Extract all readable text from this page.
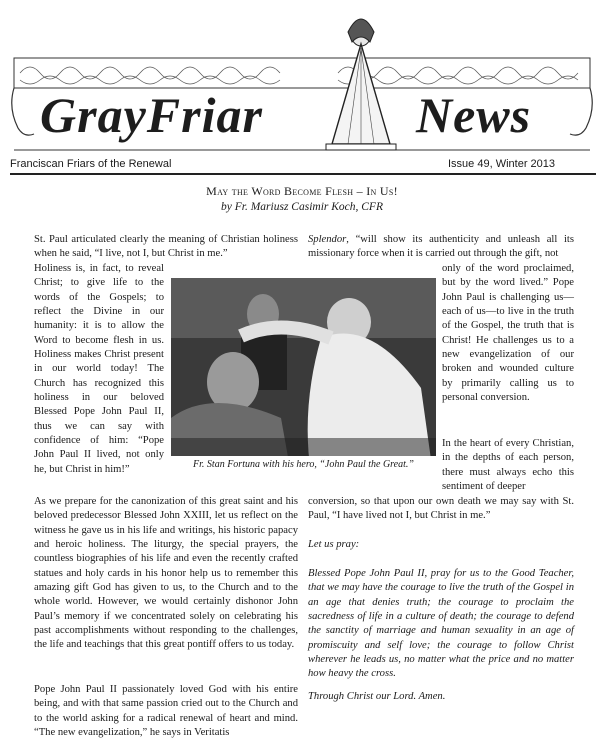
GrayFriar	News
Franciscan Friars of the Renewal	Issue 49, Winter 2013
May the Word Become Flesh – In Us!
by Fr. Mariusz Casimir Koch, CFR
St. Paul articulated clearly the meaning of Christian holiness when he said, “I live, not I, but Christ in me.”
Holiness is, in fact, to reveal Christ; to give life to the words of the Gospels; to reflect the Divine in our humanity: it is to allow the Word to become flesh in us. Holiness makes Christ present in our world today! The Church has recognized this holiness in our beloved Blessed Pope John Paul II, thus we can say with confidence of him: “Pope John Paul II lived, not only he, but Christ in him!”
As we prepare for the canonization of this great saint and his beloved predecessor Blessed John XXIII, let us reflect on the witness he gave us in his life and writings, his historic papacy and heroic holiness. The liturgy, the special prayers, the countless biographies of his life and even the recently crafted statues and holy cards in his honor help us to remember this amazing gift God has given to us, to the Church and to the whole world. However, we would certainly dishonor John Paul’s memory if we concentrated solely on celebrating his past accomplishments without responding to the challenges, the life and teachings that this great pontiff offers to us today.
Pope John Paul II passionately loved God with his entire being, and with that same passion cried out to the Church and to the world asking for a radical renewal of heart and mind. “The new evangelization,” he says in Veritatis
Fr. Stan Fortuna with his hero, “John Paul the Great.”
Splendor, “will show its authenticity and unleash all its missionary force when it is carried out through the gift, not
only of the word proclaimed, but by the word lived.” Pope John Paul is challenging us—each of us—to live in the truth of the Gospel, the truth that is Christ! He challenges us to a new evangelization of our broken and wounded culture by primarily calling us to personal conversion.
In the heart of every Christian, in the depths of each person, there must always echo this sentiment of deeper
conversion, so that upon our own death we may say with St. Paul, “I have lived not I, but Christ in me.”
Let us pray:
Blessed Pope John Paul II, pray for us to the Good Teacher, that we may have the courage to live the truth of the Gospel in an age that denies truth; the courage to proclaim the sacredness of life in a culture of death; the courage to defend the sanctity of marriage and human sexuality in an age of promiscuity and self love; the courage to follow Christ wherever he leads us, no matter what the price and no matter how heavy the cross.
Through Christ our Lord. Amen.
